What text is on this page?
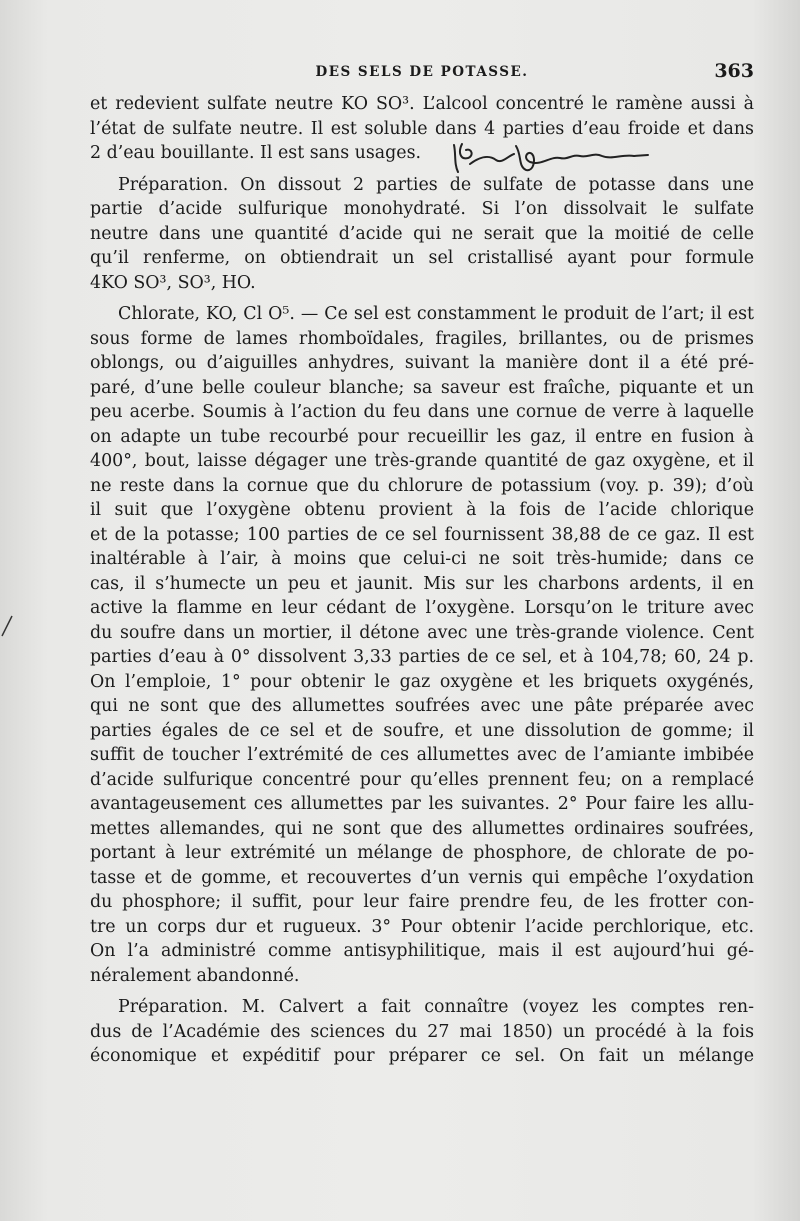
DES SELS DE POTASSE.	363
et redevient sulfate neutre KO SO³. L’alcool concentré le ramène aussi à
l’état de sulfate neutre. Il est soluble dans 4 parties d’eau froide et dans
2 d’eau bouillante. Il est sans usages.
Préparation. On dissout 2 parties de sulfate de potasse dans une
partie d’acide sulfurique monohydraté. Si l’on dissolvait le sulfate
neutre dans une quantité d’acide qui ne serait que la moitié de celle
qu’il renferme, on obtiendrait un sel cristallisé ayant pour formule
4KO SO³, SO³, HO.
Chlorate, KO, Cl O⁵. — Ce sel est constamment le produit de l’art; il est
sous forme de lames rhomboïdales, fragiles, brillantes, ou de prismes
oblongs, ou d’aiguilles anhydres, suivant la manière dont il a été pré-
paré, d’une belle couleur blanche; sa saveur est fraîche, piquante et un
peu acerbe. Soumis à l’action du feu dans une cornue de verre à laquelle
on adapte un tube recourbé pour recueillir les gaz, il entre en fusion à
400°, bout, laisse dégager une très-grande quantité de gaz oxygène, et il
ne reste dans la cornue que du chlorure de potassium (voy. p. 39); d’où
il suit que l’oxygène obtenu provient à la fois de l’acide chlorique
et de la potasse; 100 parties de ce sel fournissent 38,88 de ce gaz. Il est
inaltérable à l’air, à moins que celui-ci ne soit très-humide; dans ce
cas, il s’humecte un peu et jaunit. Mis sur les charbons ardents, il en
active la flamme en leur cédant de l’oxygène. Lorsqu’on le triture avec
du soufre dans un mortier, il détone avec une très-grande violence. Cent
parties d’eau à 0° dissolvent 3,33 parties de ce sel, et à 104,78; 60, 24 p.
On l’emploie, 1° pour obtenir le gaz oxygène et les briquets oxygénés,
qui ne sont que des allumettes soufrées avec une pâte préparée avec
parties égales de ce sel et de soufre, et une dissolution de gomme; il
suffit de toucher l’extrémité de ces allumettes avec de l’amiante imbibée
d’acide sulfurique concentré pour qu’elles prennent feu; on a remplacé
avantageusement ces allumettes par les suivantes. 2° Pour faire les allu-
mettes allemandes, qui ne sont que des allumettes ordinaires soufrées,
portant à leur extrémité un mélange de phosphore, de chlorate de po-
tasse et de gomme, et recouvertes d’un vernis qui empêche l’oxydation
du phosphore; il suffit, pour leur faire prendre feu, de les frotter con-
tre un corps dur et rugueux. 3° Pour obtenir l’acide perchlorique, etc.
On l’a administré comme antisyphilitique, mais il est aujourd’hui gé-
néralement abandonné.
Préparation. M. Calvert a fait connaître (voyez les comptes ren-
dus de l’Académie des sciences du 27 mai 1850) un procédé à la fois
économique et expéditif pour préparer ce sel. On fait un mélange
